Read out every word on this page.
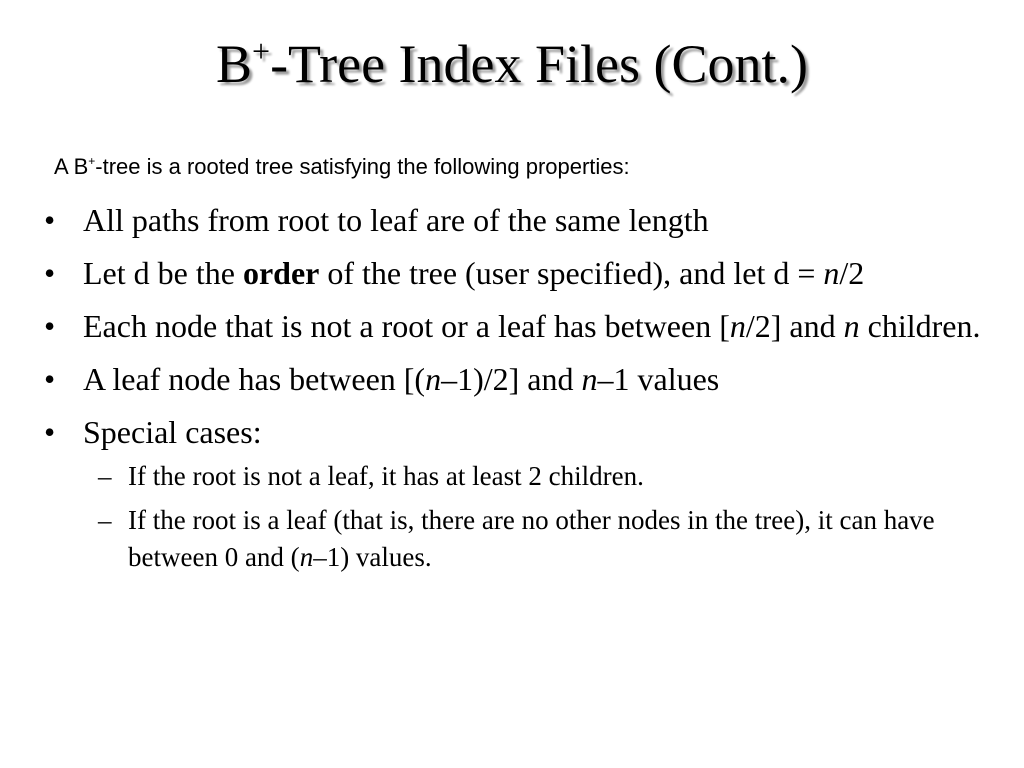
B+-Tree Index Files (Cont.)
A B+-tree is a rooted tree satisfying the following properties:
• All paths from root to leaf are of the same length
• Let d be the order of the tree (user specified), and let d = n/2
• Each node that is not a root or a leaf has between [n/2] and n children.
• A leaf node has between [(n–1)/2] and n–1 values
• Special cases:
– If the root is not a leaf, it has at least 2 children.
– If the root is a leaf (that is, there are no other nodes in the tree), it can have between 0 and (n–1) values.
